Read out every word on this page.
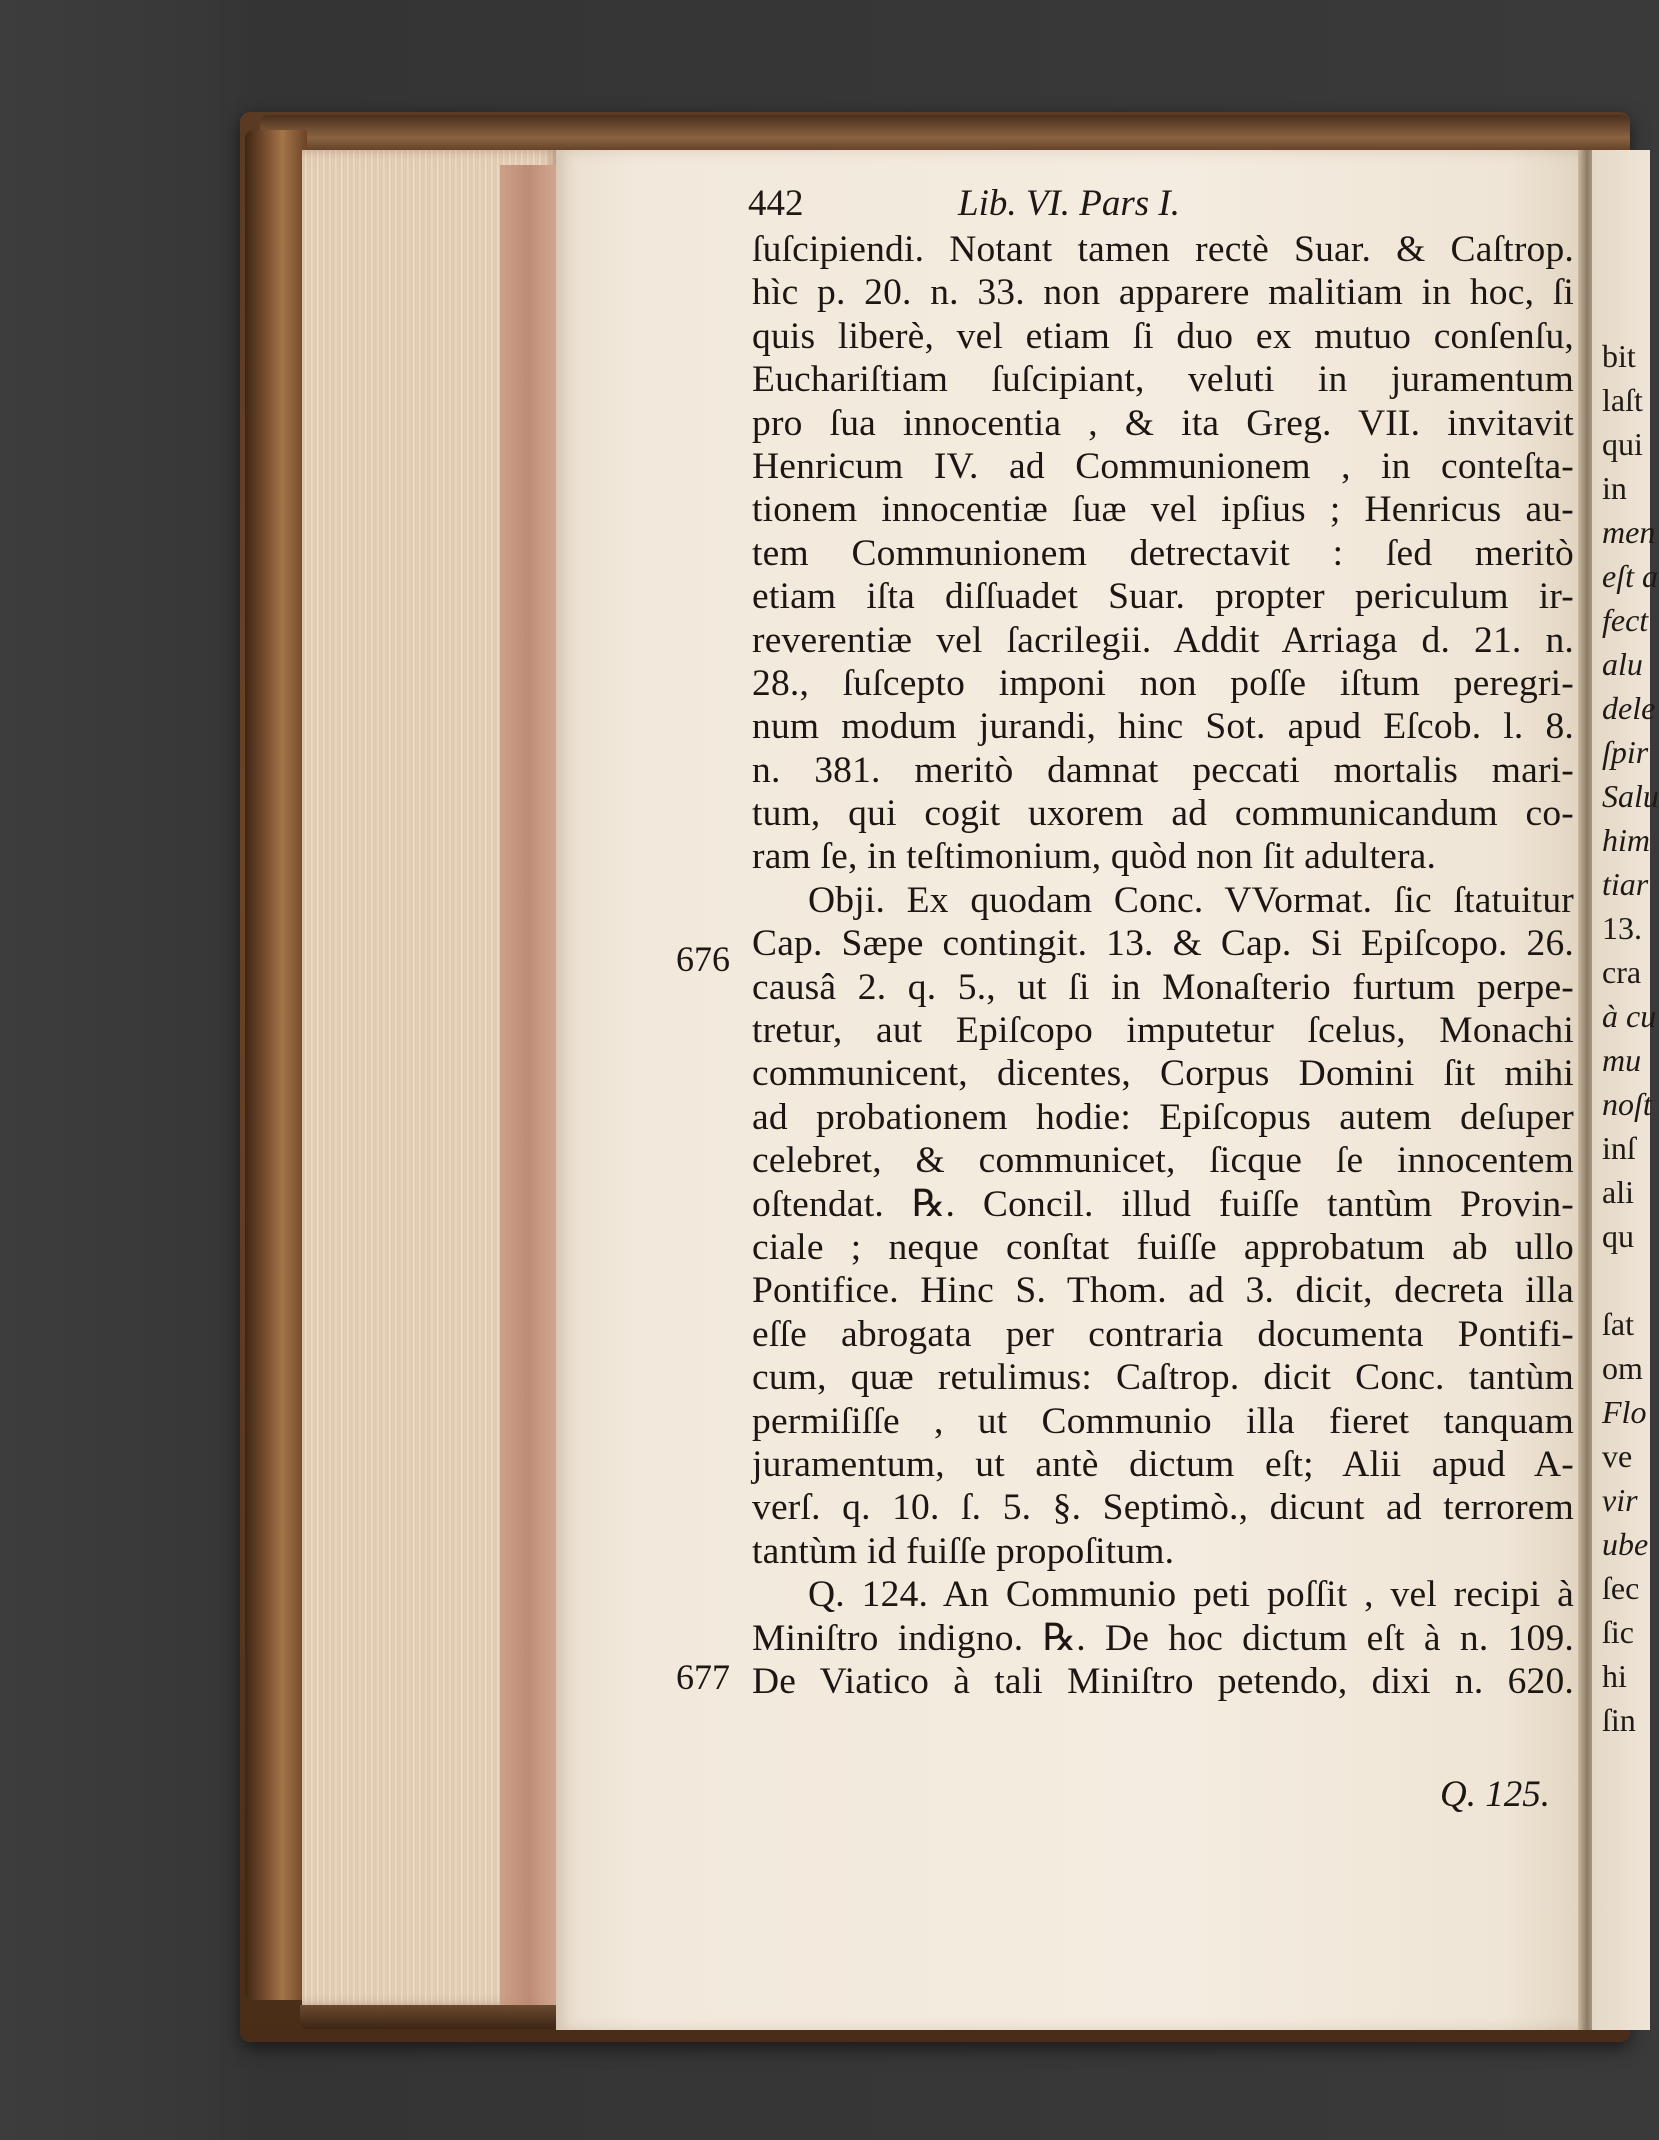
bit
laſt
qui
in
men
eſt a
fect
alu
dele
ſpir
Salu
him
tiar
13.
cra
à cu
mu
noſt
inſ
ali
qu
ſat
om
Flo
ve
vir
ube
ſec
ſic
hi
ſin
442	Lib. VI. Pars I.
ſuſcipiendi. Notant tamen rectè Suar. & Caſtrop.
hìc p. 20. n. 33. non apparere malitiam in hoc, ſi
quis liberè, vel etiam ſi duo ex mutuo conſenſu,
Euchariſtiam ſuſcipiant, veluti in juramentum
pro ſua innocentia , & ita Greg. VII. invitavit
Henricum IV. ad Communionem , in conteſta-
tionem innocentiæ ſuæ vel ipſius ; Henricus au-
tem Communionem detrectavit : ſed meritò
etiam iſta diſſuadet Suar. propter periculum ir-
reverentiæ vel ſacrilegii. Addit Arriaga d. 21. n.
28., ſuſcepto imponi non poſſe iſtum peregri-
num modum jurandi, hinc Sot. apud Eſcob. l. 8.
n. 381. meritò damnat peccati mortalis mari-
tum, qui cogit uxorem ad communicandum co-
ram ſe, in teſtimonium, quòd non ſit adultera.
Obji. Ex quodam Conc. VVormat. ſic ſtatuitur
Cap. Sæpe contingit. 13. & Cap. Si Epiſcopo. 26.
causâ 2. q. 5., ut ſi in Monaſterio furtum perpe-
tretur, aut Epiſcopo imputetur ſcelus, Monachi
communicent, dicentes, Corpus Domini ſit mihi
ad probationem hodie: Epiſcopus autem deſuper
celebret, & communicet, ſicque ſe innocentem
oſtendat. ℞. Concil. illud fuiſſe tantùm Provin-
ciale ; neque conſtat fuiſſe approbatum ab ullo
Pontifice. Hinc S. Thom. ad 3. dicit, decreta illa
eſſe abrogata per contraria documenta Pontifi-
cum, quæ retulimus: Caſtrop. dicit Conc. tantùm
permiſiſſe , ut Communio illa fieret tanquam
juramentum, ut antè dictum eſt; Alii apud A-
verſ. q. 10. ſ. 5. §. Septimò., dicunt ad terrorem
tantùm id fuiſſe propoſitum.
Q. 124. An Communio peti poſſit , vel recipi à
Miniſtro indigno. ℞. De hoc dictum eſt à n. 109.
De Viatico à tali Miniſtro petendo, dixi n. 620.
676
677
Q. 125.
